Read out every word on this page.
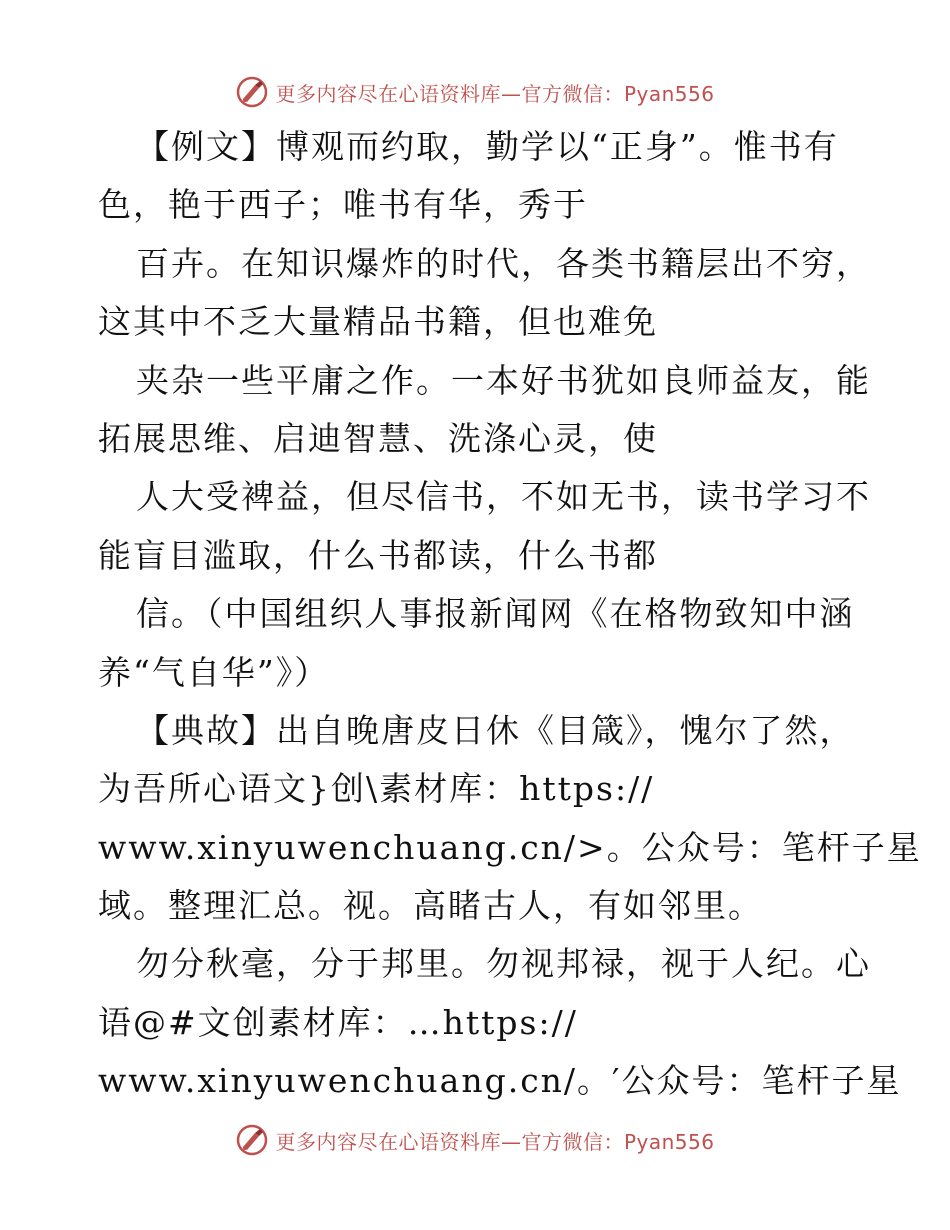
更多内容尽在心语资料库—官方微信：Pyan556
【例文】博观而约取，勤学以“正身”。惟书有
色，艳于西子；唯书有华，秀于
百卉。在知识爆炸的时代，各类书籍层出不穷，
这其中不乏大量精品书籍，但也难免
夹杂一些平庸之作。一本好书犹如良师益友，能
拓展思维、启迪智慧、洗涤心灵，使
人大受裨益，但尽信书，不如无书，读书学习不
能盲目滥取，什么书都读，什么书都
信。（中国组织人事报新闻网《在格物致知中涵
养“气自华”》）
【典故】出自晚唐皮日休《目箴》，愧尔了然，
为吾所心语文}创\素材库：https://
www.xinyuwenchuang.cn/>。公众号：笔杆子星
域。整理汇总。视。高睹古人，有如邻里。
勿分秋毫，分于邦里。勿视邦禄，视于人纪。心
语@#文创素材库：…https://
www.xinyuwenchuang.cn/。′公众号：笔杆子星
更多内容尽在心语资料库—官方微信：Pyan556
